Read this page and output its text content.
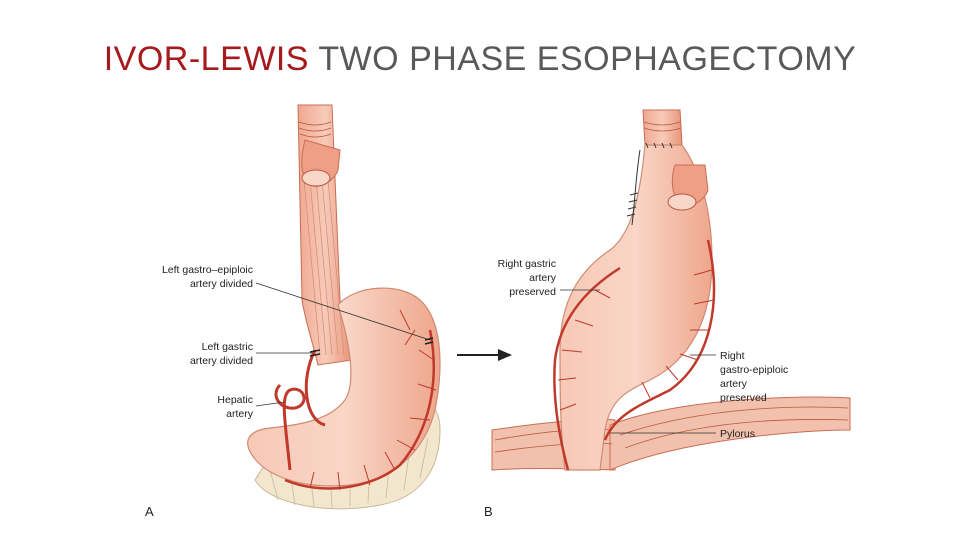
IVOR-LEWIS TWO PHASE ESOPHAGECTOMY
Left gastro–epiploic
artery divided
Left gastric
artery divided
Hepatic
artery
A
Right gastric
artery
preserved
Right
gastro-epiploic
artery
preserved
Pylorus
B
